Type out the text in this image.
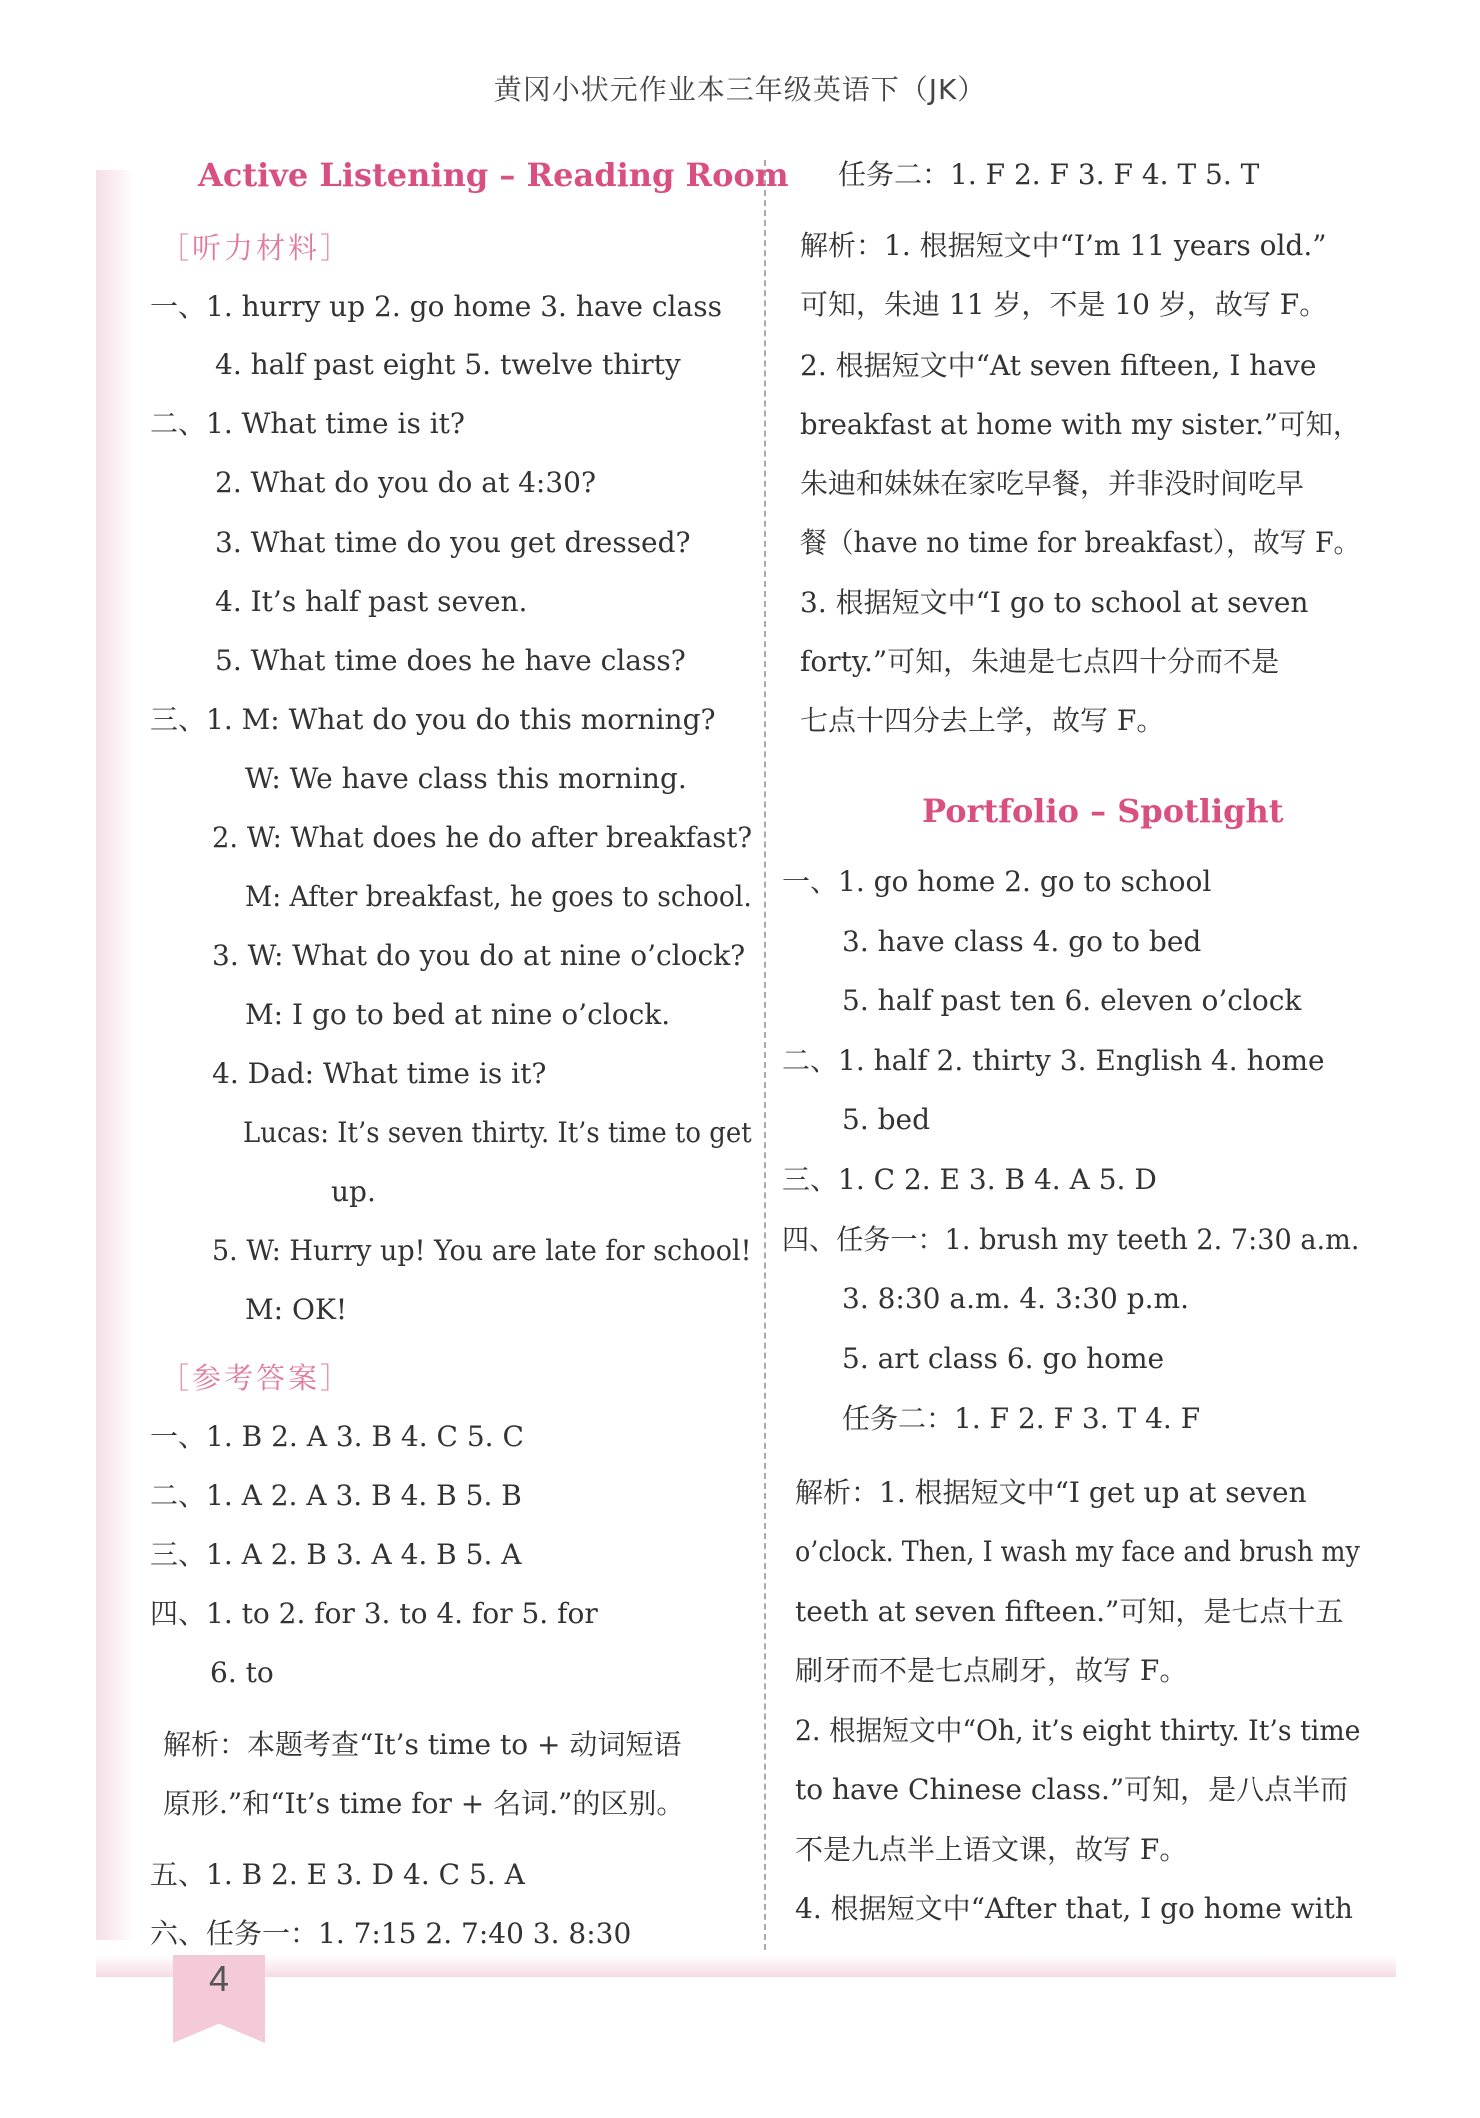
4
黄冈小状元作业本三年级英语下（JK）
Active Listening – Reading Room
［听力材料］
一、1. hurry up 2. go home 3. have class
4. half past eight 5. twelve thirty
二、1. What time is it?
2. What do you do at 4:30?
3. What time do you get dressed?
4. It’s half past seven.
5. What time does he have class?
三、1. M: What do you do this morning?
W: We have class this morning.
2. W: What does he do after breakfast?
M: After breakfast, he goes to school.
3. W: What do you do at nine o’clock?
M: I go to bed at nine o’clock.
4. Dad: What time is it?
Lucas: It’s seven thirty. It’s time to get
up.
5. W: Hurry up! You are late for school!
M: OK!
［参考答案］
一、1. B 2. A 3. B 4. C 5. C
二、1. A 2. A 3. B 4. B 5. B
三、1. A 2. B 3. A 4. B 5. A
四、1. to 2. for 3. to 4. for 5. for
6. to
解析：本题考查“It’s time to + 动词短语
原形.”和“It’s time for + 名词.”的区别。
五、1. B 2. E 3. D 4. C 5. A
六、任务一：1. 7:15 2. 7:40 3. 8:30
任务二：1. F 2. F 3. F 4. T 5. T
解析：1. 根据短文中“I’m 11 years old.”
可知，朱迪 11 岁，不是 10 岁，故写 F。
2. 根据短文中“At seven fifteen, I have
breakfast at home with my sister.”可知，
朱迪和妹妹在家吃早餐，并非没时间吃早
餐（have no time for breakfast），故写 F。
3. 根据短文中“I go to school at seven
forty.”可知，朱迪是七点四十分而不是
七点十四分去上学，故写 F。
Portfolio – Spotlight
一、1. go home 2. go to school
3. have class 4. go to bed
5. half past ten 6. eleven o’clock
二、1. half 2. thirty 3. English 4. home
5. bed
三、1. C 2. E 3. B 4. A 5. D
四、任务一：1. brush my teeth 2. 7:30 a.m.
3. 8:30 a.m. 4. 3:30 p.m.
5. art class 6. go home
任务二：1. F 2. F 3. T 4. F
解析：1. 根据短文中“I get up at seven
o’clock. Then, I wash my face and brush my
teeth at seven fifteen.”可知，是七点十五
刷牙而不是七点刷牙，故写 F。
2. 根据短文中“Oh, it’s eight thirty. It’s time
to have Chinese class.”可知，是八点半而
不是九点半上语文课，故写 F。
4. 根据短文中“After that, I go home with
